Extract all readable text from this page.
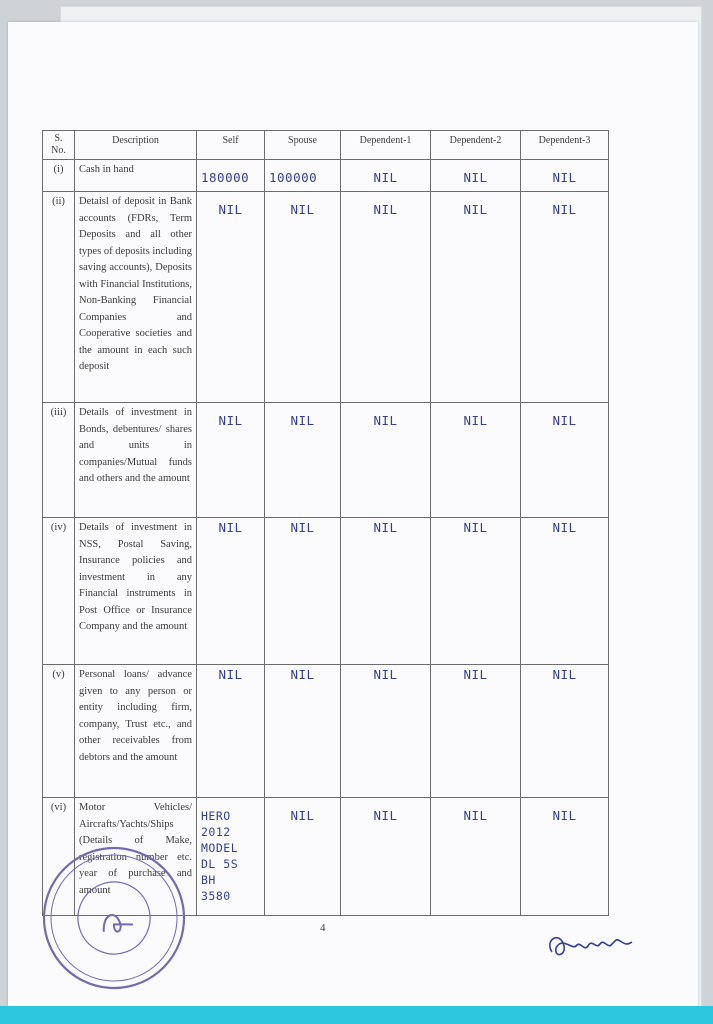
S. No.	Description	Self	Spouse	Dependent-1	Dependent-2	Dependent-3
(i)	Cash in hand	180000	100000	NIL	NIL	NIL
(ii)	Detaisl of deposit in Bank accounts (FDRs, Term Deposits and all other types of deposits including saving accounts), Deposits with Financial Institutions, Non-Banking Financial Companies and Cooperative societies and the amount in each such deposit	NIL	NIL	NIL	NIL	NIL
(iii)	Details of investment in Bonds, debentures/ shares and units in companies/Mutual funds and others and the amount	NIL	NIL	NIL	NIL	NIL
(iv)	Details of investment in NSS, Postal Saving, Insurance policies and investment in any Financial instruments in Post Office or Insurance Company and the amount	NIL	NIL	NIL	NIL	NIL
(v)	Personal loans/ advance given to any person or entity including firm, company, Trust etc., and other receivables from debtors and the amount	NIL	NIL	NIL	NIL	NIL
(vi)	Motor Vehicles/ Aircrafts/Yachts/Ships (Details of Make, registration number etc. year of purchase and amount	HERO
2012 MODEL
DL 5S BH
3580	NIL	NIL	NIL	NIL
4
